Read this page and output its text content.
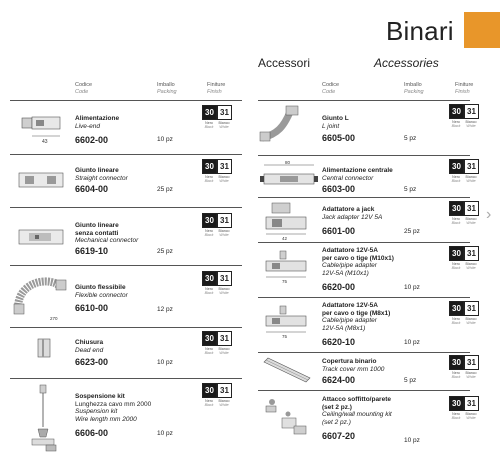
Binari
Accessori	Accessories
Codice
Code
Imballo
Packing
Finiture
Finish
Codice
Code
Imballo
Packing
Finiture
Finish
43
Alimentazione
Live-end
6602-00	10 pz
30 31
Nero
Black
Bianco
White
Giunto lineare
Straight connector
6604-00	25 pz
30 31
Nero
Black
Bianco
White
Giunto lineare
senza contatti
Mechanical connector
6619-10	25 pz
30 31
Nero
Black
Bianco
White
270
Giunto flessibile
Flexible connector
6610-00	12 pz
30 31
Nero
Black
Bianco
White
Chiusura
Dead end
6623-00	10 pz
30 31
Nero
Black
Bianco
White
Sospensione kit
Lunghezza cavo mm 2000
Suspension kit
Wire length mm 2000
6606-00	10 pz
30 31
Nero
Black
Bianco
White
Giunto L
L joint
6605-00	5 pz
30 31
Nero
Black
Bianco
White
80
Alimentazione centrale
Central connector
6603-00	5 pz
30 31
Nero
Black
Bianco
White
42
Adattatore a jack
Jack adapter 12V 5A
6601-00	25 pz
30 31
Nero
Black
Bianco
White
75
Adattatore 12V-5A
per cavo o tige (M10x1)
Cable/pipe adapter
12V-5A (M10x1)
6620-00	10 pz
30 31
Nero
Black
Bianco
White
75
Adattatore 12V-5A
per cavo o tige (M8x1)
Cable/pipe adapter
12V-5A (M8x1)
6620-10	10 pz
30 31
Nero
Black
Bianco
White
Copertura binario
Track cover mm 1000
6624-00	5 pz
30 31
Nero
Black
Bianco
White
Attacco soffitto/parete
(set 2 pz.)
Ceiling/wall mounting kit
(set 2 pz.)
6607-20	10 pz
30 31
Nero
Black
Bianco
White
›
